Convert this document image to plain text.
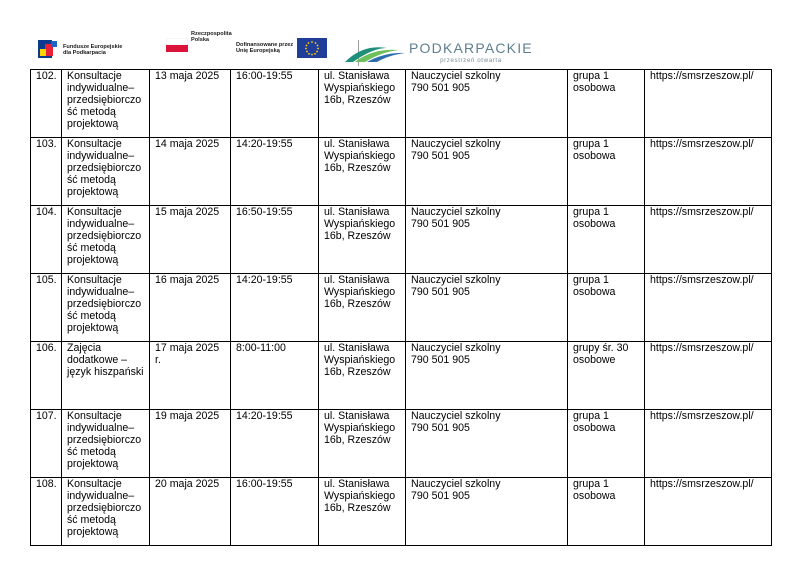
Fundusze Europejskie
dla Podkarpacia
Rzeczpospolita
Polska
Dofinansowane przez
Unię Europejską	PODKARPACKIE
przestrzeń otwarta
102.	Konsultacje indywidualne– przedsiębiorczo ść metodą projektową	13 maja 2025	16:00-19:55	ul. Stanisława Wyspiańskiego 16b, Rzeszów	Nauczyciel szkolny
790 501 905	grupa 1 osobowa	https://smsrzeszow.pl/
103.	Konsultacje indywidualne– przedsiębiorczo ść metodą projektową	14 maja 2025	14:20-19:55	ul. Stanisława Wyspiańskiego 16b, Rzeszów	Nauczyciel szkolny
790 501 905	grupa 1 osobowa	https://smsrzeszow.pl/
104.	Konsultacje indywidualne– przedsiębiorczo ść metodą projektową	15 maja 2025	16:50-19:55	ul. Stanisława Wyspiańskiego 16b, Rzeszów	Nauczyciel szkolny
790 501 905	grupa 1 osobowa	https://smsrzeszow.pl/
105.	Konsultacje indywidualne– przedsiębiorczo ść metodą projektową	16 maja 2025	14:20-19:55	ul. Stanisława Wyspiańskiego 16b, Rzeszów	Nauczyciel szkolny
790 501 905	grupa 1 osobowa	https://smsrzeszow.pl/
106.	Zajęcia dodatkowe – język hiszpański	17 maja 2025 r.	8:00-11:00	ul. Stanisława Wyspiańskiego 16b, Rzeszów	Nauczyciel szkolny
790 501 905	grupy śr. 30 osobowe	https://smsrzeszow.pl/
107.	Konsultacje indywidualne– przedsiębiorczo ść metodą projektową	19 maja 2025	14:20-19:55	ul. Stanisława Wyspiańskiego 16b, Rzeszów	Nauczyciel szkolny
790 501 905	grupa 1 osobowa	https://smsrzeszow.pl/
108.	Konsultacje indywidualne– przedsiębiorczo ść metodą projektową	20 maja 2025	16:00-19:55	ul. Stanisława Wyspiańskiego 16b, Rzeszów	Nauczyciel szkolny
790 501 905	grupa 1 osobowa	https://smsrzeszow.pl/
